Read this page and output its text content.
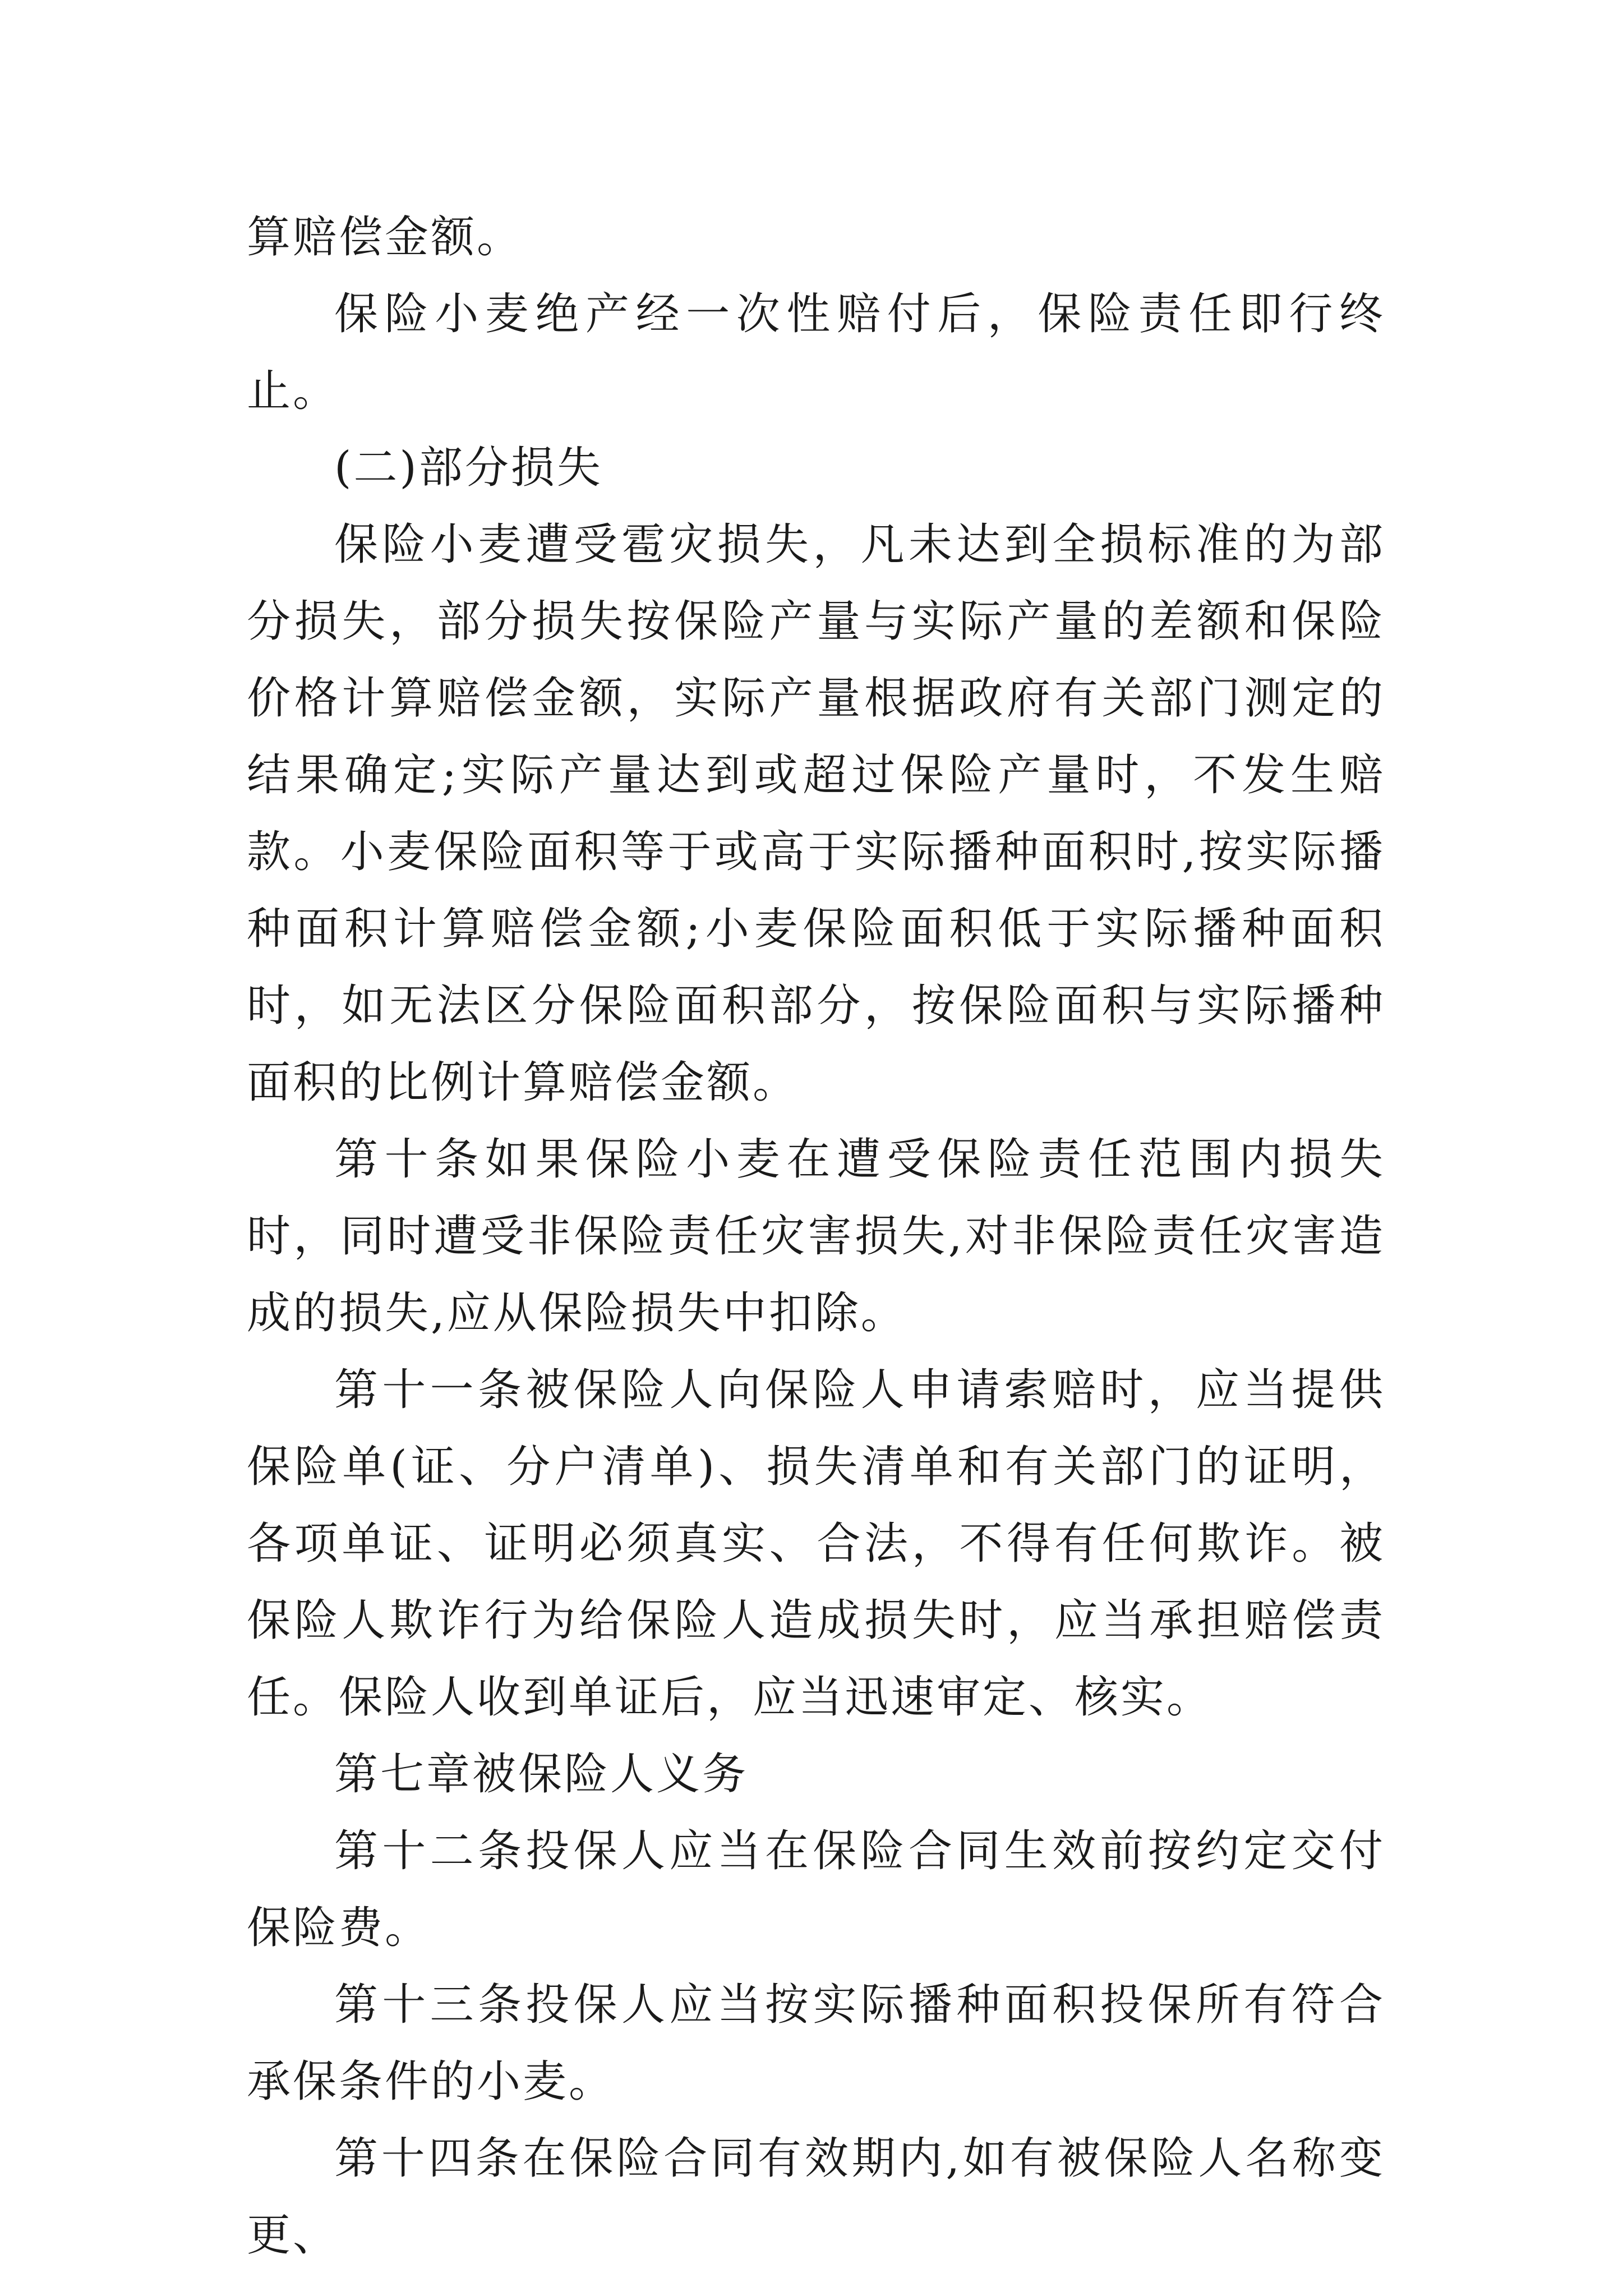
算赔偿金额。

保险小麦绝产经一次性赔付后，保险责任即行终止。

(二)部分损失

保险小麦遭受雹灾损失，凡未达到全损标准的为部分损失，部分损失按保险产量与实际产量的差额和保险价格计算赔偿金额，实际产量根据政府有关部门测定的结果确定;实际产量达到或超过保险产量时，不发生赔款。小麦保险面积等于或高于实际播种面积时,按实际播种面积计算赔偿金额;小麦保险面积低于实际播种面积时，如无法区分保险面积部分，按保险面积与实际播种面积的比例计算赔偿金额。

第十条如果保险小麦在遭受保险责任范围内损失时，同时遭受非保险责任灾害损失,对非保险责任灾害造成的损失,应从保险损失中扣除。

第十一条被保险人向保险人申请索赔时，应当提供保险单(证、分户清单)、损失清单和有关部门的证明，各项单证、证明必须真实、合法，不得有任何欺诈。被保险人欺诈行为给保险人造成损失时，应当承担赔偿责任。保险人收到单证后，应当迅速审定、核实。

第七章被保险人义务

第十二条投保人应当在保险合同生效前按约定交付保险费。

第十三条投保人应当按实际播种面积投保所有符合承保条件的小麦。

第十四条在保险合同有效期内,如有被保险人名称变更、
